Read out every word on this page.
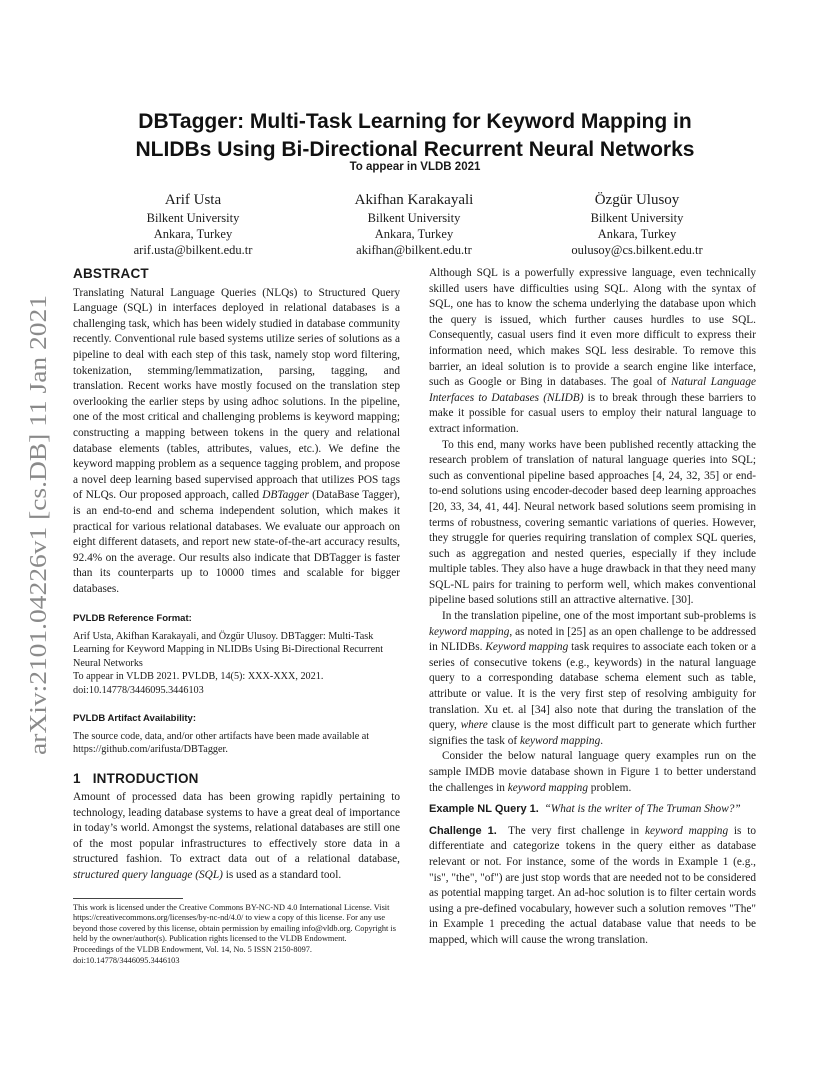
arXiv:2101.04226v1 [cs.DB] 11 Jan 2021
DBTagger: Multi-Task Learning for Keyword Mapping in
NLIDBs Using Bi-Directional Recurrent Neural Networks
To appear in VLDB 2021
Arif Usta
Bilkent University
Ankara, Turkey
arif.usta@bilkent.edu.tr
Akifhan Karakayali
Bilkent University
Ankara, Turkey
akifhan@bilkent.edu.tr
Özgür Ulusoy
Bilkent University
Ankara, Turkey
oulusoy@cs.bilkent.edu.tr
ABSTRACT

Translating Natural Language Queries (NLQs) to Structured Query Language (SQL) in interfaces deployed in relational databases is a challenging task, which has been widely studied in database community recently. Conventional rule based systems utilize series of solutions as a pipeline to deal with each step of this task, namely stop word filtering, tokenization, stemming/lemmatization, parsing, tagging, and translation. Recent works have mostly focused on the translation step overlooking the earlier steps by using adhoc solutions. In the pipeline, one of the most critical and challenging problems is keyword mapping; constructing a mapping between tokens in the query and relational database elements (tables, attributes, values, etc.). We define the keyword mapping problem as a sequence tagging problem, and propose a novel deep learning based supervised approach that utilizes POS tags of NLQs. Our proposed approach, called DBTagger (DataBase Tagger), is an end-to-end and schema independent solution, which makes it practical for various relational databases. We evaluate our approach on eight different datasets, and report new state-of-the-art accuracy results, 92.4% on the average. Our results also indicate that DBTagger is faster than its counterparts up to 10000 times and scalable for bigger databases.

PVLDB Reference Format:
Arif Usta, Akifhan Karakayali, and Özgür Ulusoy. DBTagger: Multi-Task Learning for Keyword Mapping in NLIDBs Using Bi-Directional Recurrent Neural Networks
To appear in VLDB 2021. PVLDB, 14(5): XXX-XXX, 2021.
doi:10.14778/3446095.3446103
PVLDB Artifact Availability:
The source code, data, and/or other artifacts have been made available at https://github.com/arifusta/DBTagger.
1 INTRODUCTION

Amount of processed data has been growing rapidly pertaining to technology, leading database systems to have a great deal of importance in today’s world. Amongst the systems, relational databases are still one of the most popular infrastructures to effectively store data in a structured fashion. To extract data out of a relational database, structured query language (SQL) is used as a standard tool.

This work is licensed under the Creative Commons BY-NC-ND 4.0 International License. Visit https://creativecommons.org/licenses/by-nc-nd/4.0/ to view a copy of this license. For any use beyond those covered by this license, obtain permission by emailing info@vldb.org. Copyright is held by the owner/author(s). Publication rights licensed to the VLDB Endowment.
Proceedings of the VLDB Endowment, Vol. 14, No. 5 ISSN 2150-8097.
doi:10.14778/3446095.3446103

Although SQL is a powerfully expressive language, even technically skilled users have difficulties using SQL. Along with the syntax of SQL, one has to know the schema underlying the database upon which the query is issued, which further causes hurdles to use SQL. Consequently, casual users find it even more difficult to express their information need, which makes SQL less desirable. To remove this barrier, an ideal solution is to provide a search engine like interface, such as Google or Bing in databases. The goal of Natural Language Interfaces to Databases (NLIDB) is to break through these barriers to make it possible for casual users to employ their natural language to extract information.

To this end, many works have been published recently attacking the research problem of translation of natural language queries into SQL; such as conventional pipeline based approaches [4, 24, 32, 35] or end-to-end solutions using encoder-decoder based deep learning approaches [20, 33, 34, 41, 44]. Neural network based solutions seem promising in terms of robustness, covering semantic variations of queries. However, they struggle for queries requiring translation of complex SQL queries, such as aggregation and nested queries, especially if they include multiple tables. They also have a huge drawback in that they need many SQL-NL pairs for training to perform well, which makes conventional pipeline based solutions still an attractive alternative. [30].

In the translation pipeline, one of the most important sub-problems is keyword mapping, as noted in [25] as an open challenge to be addressed in NLIDBs. Keyword mapping task requires to associate each token or a series of consecutive tokens (e.g., keywords) in the natural language query to a corresponding database schema element such as table, attribute or value. It is the very first step of resolving ambiguity for translation. Xu et. al [34] also note that during the translation of the query, where clause is the most difficult part to generate which further signifies the task of keyword mapping.

Consider the below natural language query examples run on the sample IMDB movie database shown in Figure 1 to better understand the challenges in keyword mapping problem.

Example NL Query 1. “What is the writer of The Truman Show?”

Challenge 1. The very first challenge in keyword mapping is to differentiate and categorize tokens in the query either as database relevant or not. For instance, some of the words in Example 1 (e.g., "is", "the", "of") are just stop words that are needed not to be considered as potential mapping target. An ad-hoc solution is to filter certain words using a pre-defined vocabulary, however such a solution removes "The" in Example 1 preceding the actual database value that needs to be mapped, which will cause the wrong translation.
